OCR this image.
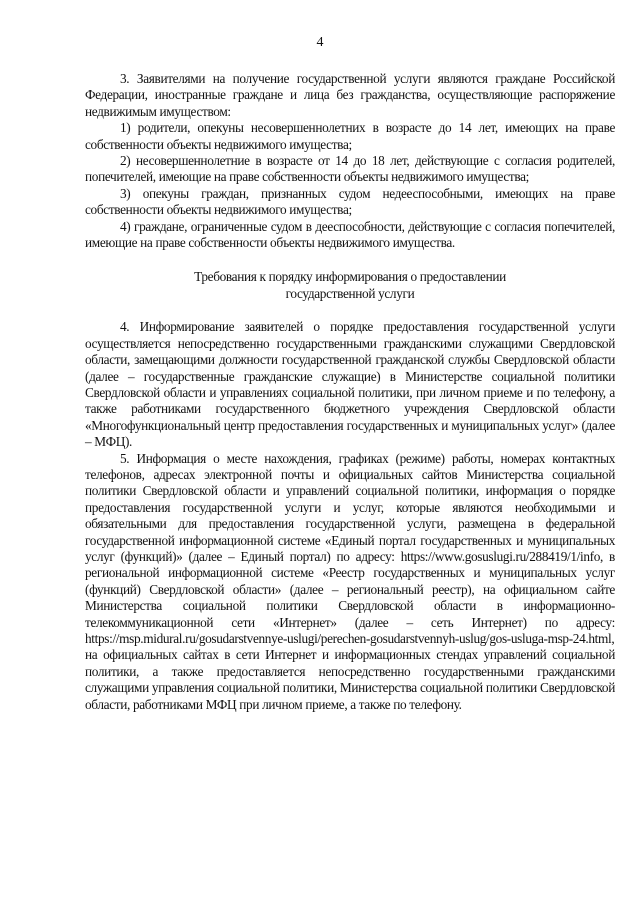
4

3. Заявителями на получение государственной услуги являются граждане Российской Федерации, иностранные граждане и лица без гражданства, осуществляющие распоряжение недвижимым имуществом:

1) родители, опекуны несовершеннолетних в возрасте до 14 лет, имеющих на праве собственности объекты недвижимого имущества;

2) несовершеннолетние в возрасте от 14 до 18 лет, действующие с согласия родителей, попечителей, имеющие на праве собственности объекты недвижимого имущества;

3) опекуны граждан, признанных судом недееспособными, имеющих на праве собственности объекты недвижимого имущества;

4) граждане, ограниченные судом в дееспособности, действующие с согласия попечителей, имеющие на праве собственности объекты недвижимого имущества.

Требования к порядку информирования о предоставлении
государственной услуги

4. Информирование заявителей о порядке предоставления государственной услуги осуществляется непосредственно государственными гражданскими служащими Свердловской области, замещающими должности государственной гражданской службы Свердловской области (далее – государственные гражданские служащие) в Министерстве социальной политики Свердловской области и управлениях социальной политики, при личном приеме и по телефону, а также работниками государственного бюджетного учреждения Свердловской области «Многофункциональный центр предоставления государственных и муниципальных услуг» (далее – МФЦ).

5. Информация о месте нахождения, графиках (режиме) работы, номерах контактных телефонов, адресах электронной почты и официальных сайтов Министерства социальной политики Свердловской области и управлений социальной политики, информация о порядке предоставления государственной услуги и услуг, которые являются необходимыми и обязательными для предоставления государственной услуги, размещена в федеральной государственной информационной системе «Единый портал государственных и муниципальных услуг (функций)» (далее – Единый портал) по адресу: https://www.gosuslugi.ru/288419/1/info, в региональной информационной системе «Реестр государственных и муниципальных услуг (функций) Свердловской области» (далее – региональный реестр), на официальном сайте Министерства социальной политики Свердловской области в информационно-телекоммуникационной сети «Интернет» (далее – сеть Интернет) по адресу: https://msp.midural.ru/gosudarstvennye-uslugi/perechen-gosudarstvennyh-uslug/gos-usluga-msp-24.html, на официальных сайтах в сети Интернет и информационных стендах управлений социальной политики, а также предоставляется непосредственно государственными гражданскими служащими управления социальной политики, Министерства социальной политики Свердловской области, работниками МФЦ при личном приеме, а также по телефону.
